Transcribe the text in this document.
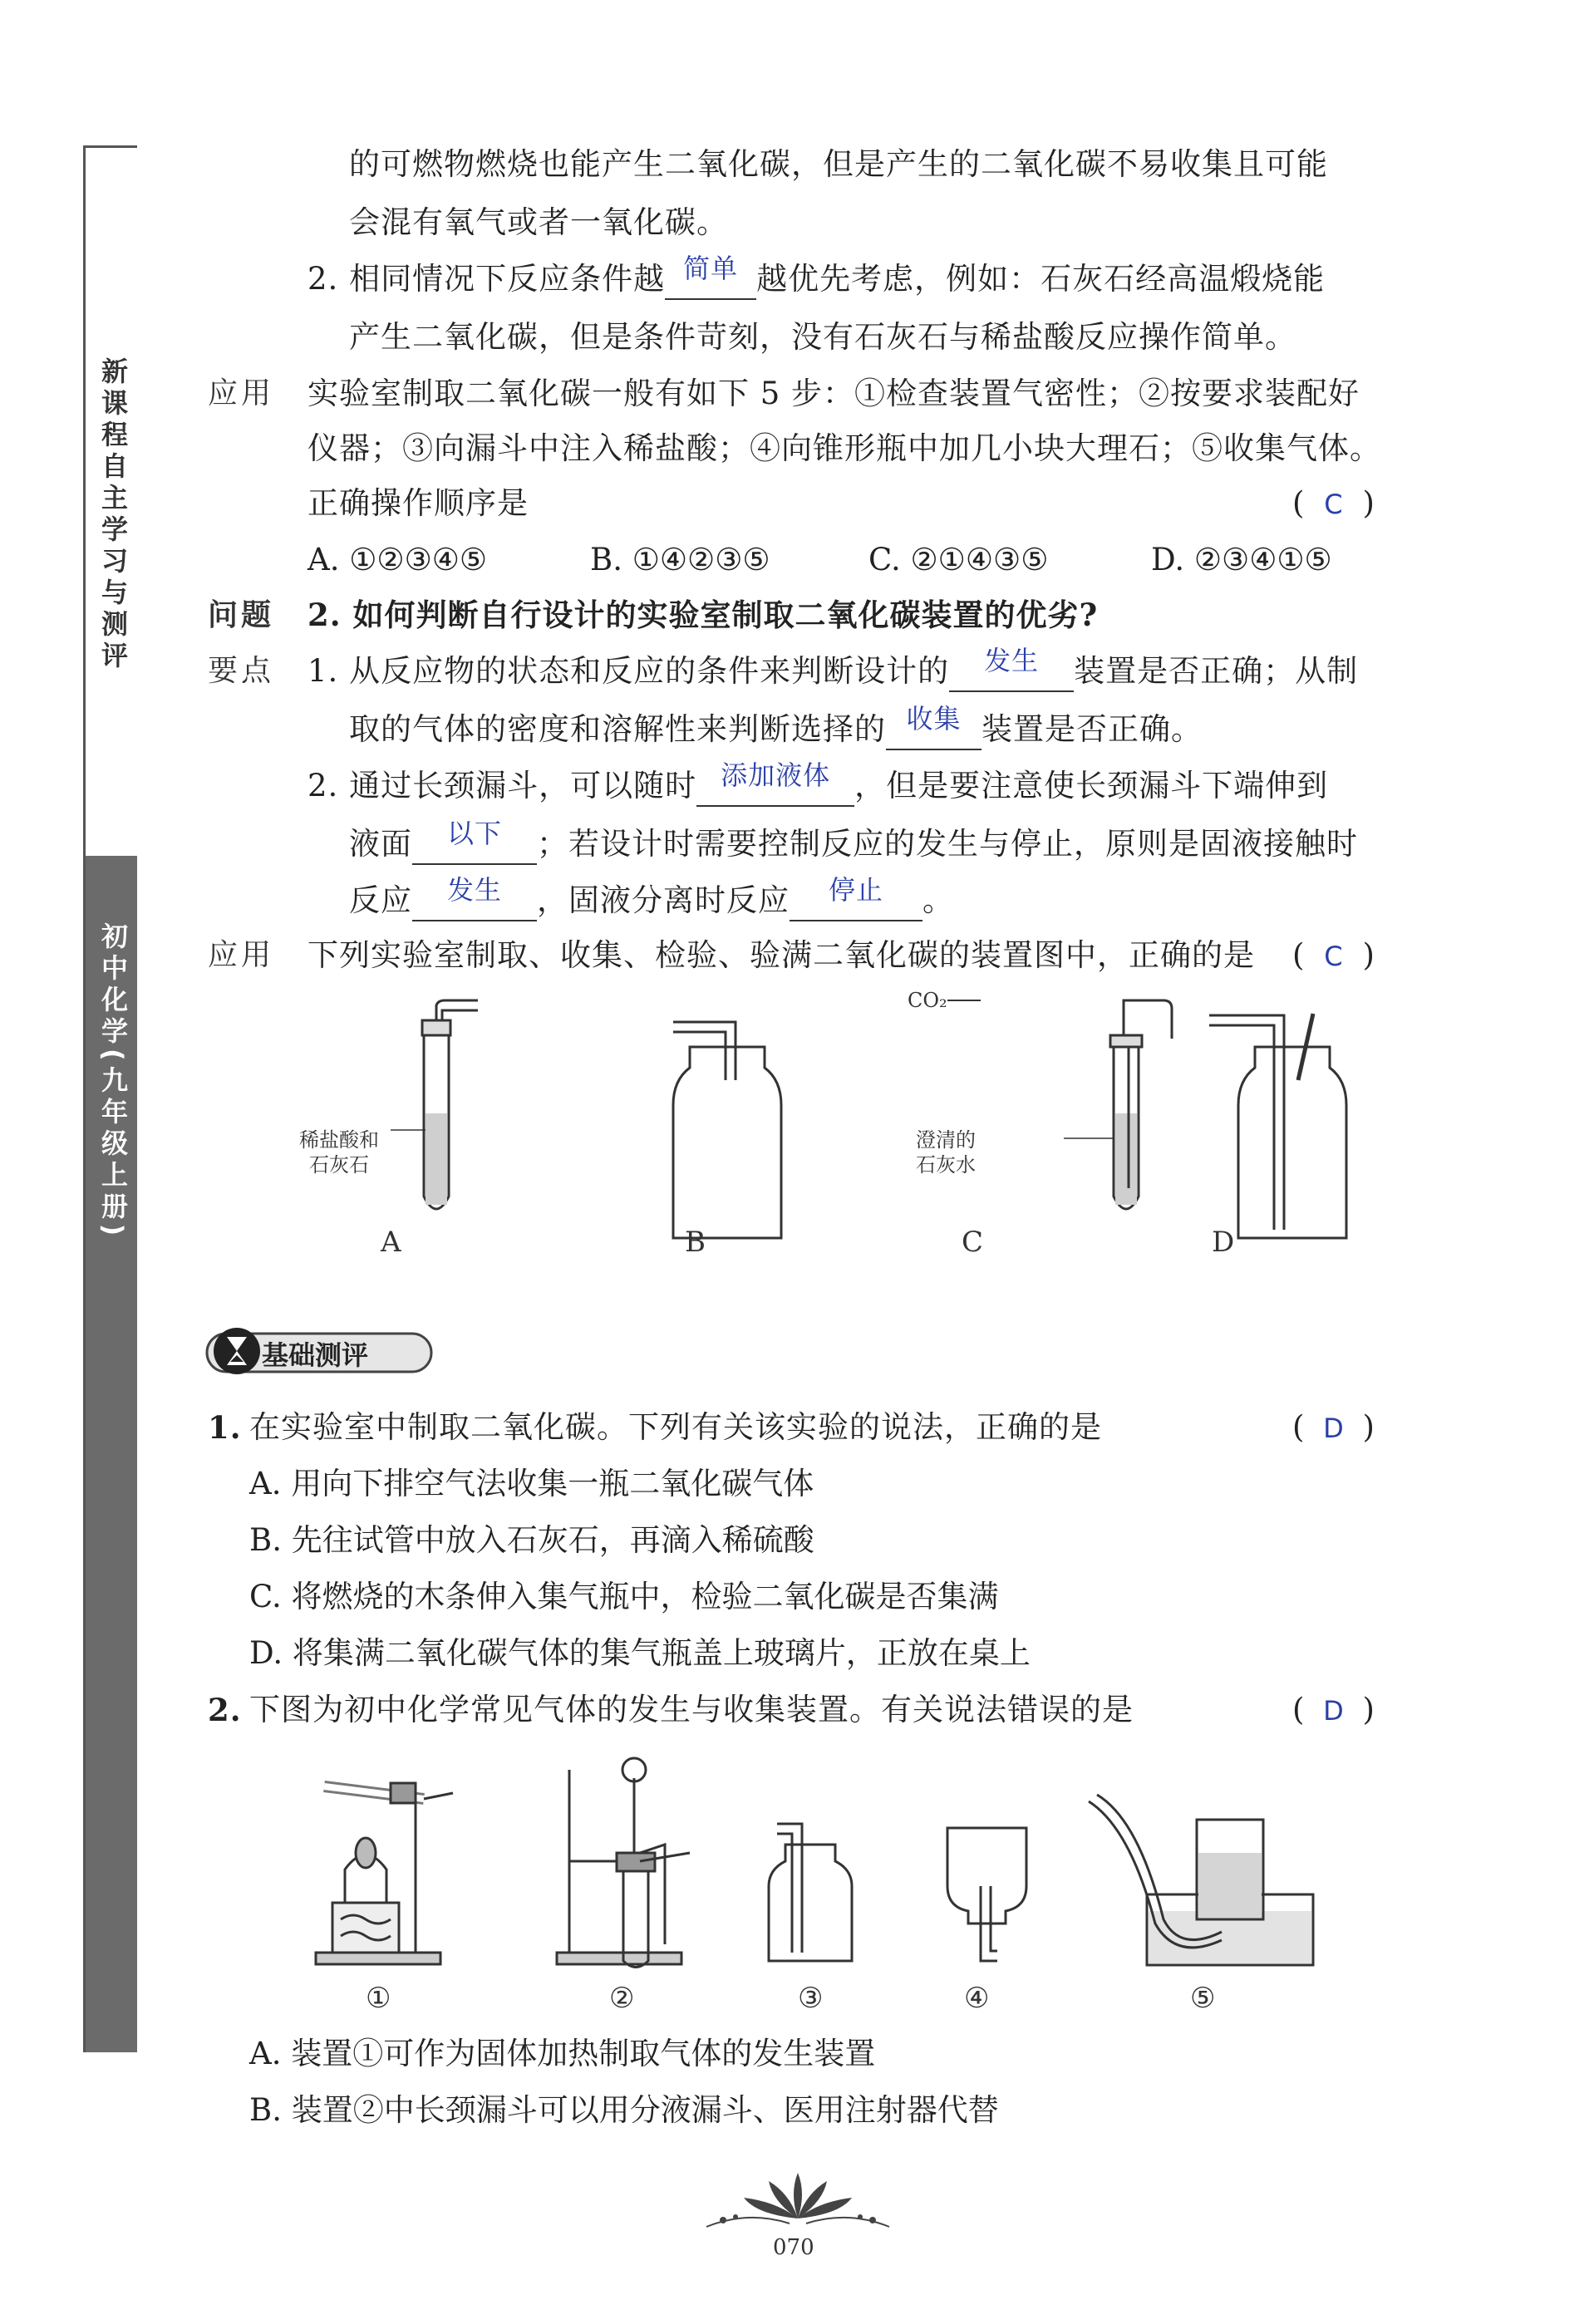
新课程自主学习与测评
初中化学(九年级上册)
的可燃物燃烧也能产生二氧化碳，但是产生的二氧化碳不易收集且可能
会混有氧气或者一氧化碳。
2. 相同情况下反应条件越 简单 越优先考虑，例如：石灰石经高温煅烧能
产生二氧化碳，但是条件苛刻，没有石灰石与稀盐酸反应操作简单。
应用 实验室制取二氧化碳一般有如下 5 步：①检查装置气密性；②按要求装配好
仪器；③向漏斗中注入稀盐酸；④向锥形瓶中加几小块大理石；⑤收集气体。
正确操作顺序是	( C )
A. ①②③④⑤	B. ①④②③⑤	C. ②①④③⑤	D. ②③④①⑤
问题 2. 如何判断自行设计的实验室制取二氧化碳装置的优劣?
要点 1. 从反应物的状态和反应的条件来判断设计的 发生 装置是否正确；从制
取的气体的密度和溶解性来判断选择的 收集 装置是否正确。
2. 通过长颈漏斗，可以随时 添加液体 ，但是要注意使长颈漏斗下端伸到
液面 以下 ；若设计时需要控制反应的发生与停止，原则是固液接触时
反应 发生 ，固液分离时反应 停止 。
应用 下列实验室制取、收集、检验、验满二氧化碳的装置图中，正确的是 ( C )
稀盐酸和
石灰石
CO₂
澄清的
石灰水
A	B	C	D
基础测评
1. 在实验室中制取二氧化碳。下列有关该实验的说法，正确的是	( D )
A. 用向下排空气法收集一瓶二氧化碳气体
B. 先往试管中放入石灰石，再滴入稀硫酸
C. 将燃烧的木条伸入集气瓶中，检验二氧化碳是否集满
D. 将集满二氧化碳气体的集气瓶盖上玻璃片，正放在桌上
2. 下图为初中化学常见气体的发生与收集装置。有关说法错误的是	( D )
①	②	③	④	⑤
A. 装置①可作为固体加热制取气体的发生装置
B. 装置②中长颈漏斗可以用分液漏斗、医用注射器代替
070
